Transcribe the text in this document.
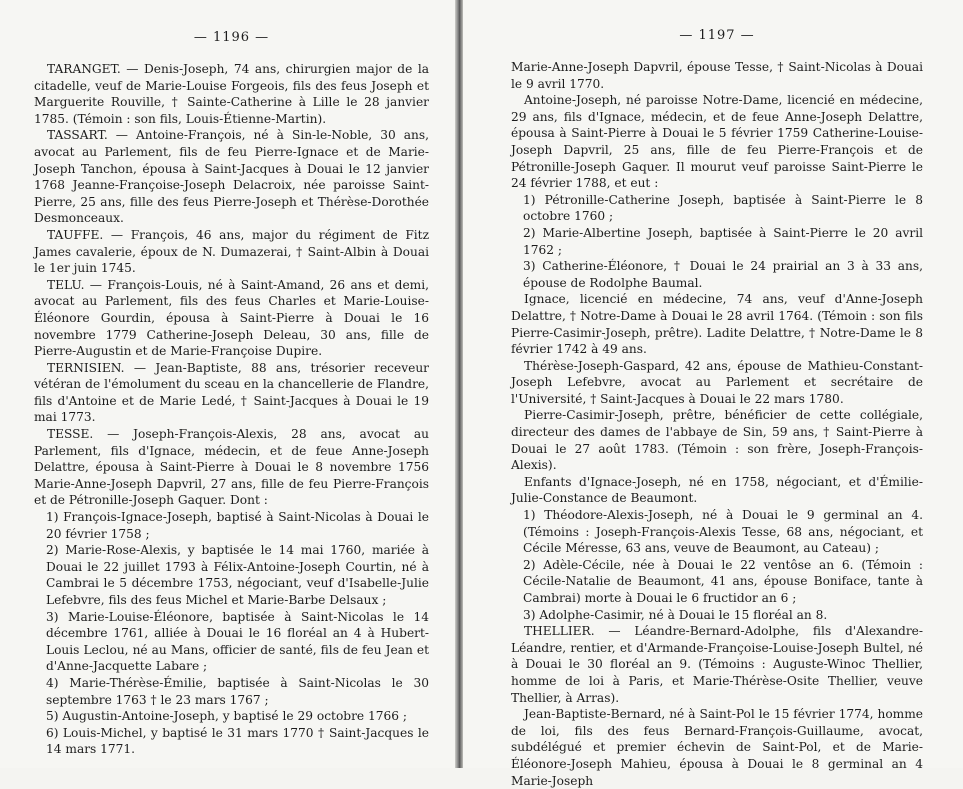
— 1196 —

TARANGET. — Denis-Joseph, 74 ans, chirurgien major de la citadelle, veuf de Marie-Louise Forgeois, fils des feus Joseph et Marguerite Rouville, † Sainte-Catherine à Lille le 28 janvier 1785. (Témoin : son fils, Louis-Étienne-Martin).

TASSART. — Antoine-François, né à Sin-le-Noble, 30 ans, avocat au Parlement, fils de feu Pierre-Ignace et de Marie-Joseph Tanchon, épousa à Saint-Jacques à Douai le 12 janvier 1768 Jeanne-Françoise-Joseph Delacroix, née paroisse Saint-Pierre, 25 ans, fille des feus Pierre-Joseph et Thérèse-Dorothée Desmonceaux.

TAUFFE. — François, 46 ans, major du régiment de Fitz James cavalerie, époux de N. Dumazerai, † Saint-Albin à Douai le 1er juin 1745.

TELU. — François-Louis, né à Saint-Amand, 26 ans et demi, avocat au Parlement, fils des feus Charles et Marie-Louise-Éléonore Gourdin, épousa à Saint-Pierre à Douai le 16 novembre 1779 Catherine-Joseph Deleau, 30 ans, fille de Pierre-Augustin et de Marie-Françoise Dupire.

TERNISIEN. — Jean-Baptiste, 88 ans, trésorier receveur vétéran de l'émolument du sceau en la chancellerie de Flandre, fils d'Antoine et de Marie Ledé, † Saint-Jacques à Douai le 19 mai 1773.

TESSE. — Joseph-François-Alexis, 28 ans, avocat au Parlement, fils d'Ignace, médecin, et de feue Anne-Joseph Delattre, épousa à Saint-Pierre à Douai le 8 novembre 1756 Marie-Anne-Joseph Dapvril, 27 ans, fille de feu Pierre-François et de Pétronille-Joseph Gaquer. Dont :

1) François-Ignace-Joseph, baptisé à Saint-Nicolas à Douai le 20 février 1758 ;

2) Marie-Rose-Alexis, y baptisée le 14 mai 1760, mariée à Douai le 22 juillet 1793 à Félix-Antoine-Joseph Courtin, né à Cambrai le 5 décembre 1753, négociant, veuf d'Isabelle-Julie Lefebvre, fils des feus Michel et Marie-Barbe Delsaux ;

3) Marie-Louise-Éléonore, baptisée à Saint-Nicolas le 14 décembre 1761, alliée à Douai le 16 floréal an 4 à Hubert-Louis Leclou, né au Mans, officier de santé, fils de feu Jean et d'Anne-Jacquette Labare ;

4) Marie-Thérèse-Émilie, baptisée à Saint-Nicolas le 30 septembre 1763 † le 23 mars 1767 ;

5) Augustin-Antoine-Joseph, y baptisé le 29 octobre 1766 ;

6) Louis-Michel, y baptisé le 31 mars 1770 † Saint-Jacques le 14 mars 1771.

— 1197 —

Marie-Anne-Joseph Dapvril, épouse Tesse, † Saint-Nicolas à Douai le 9 avril 1770.

Antoine-Joseph, né paroisse Notre-Dame, licencié en médecine, 29 ans, fils d'Ignace, médecin, et de feue Anne-Joseph Delattre, épousa à Saint-Pierre à Douai le 5 février 1759 Catherine-Louise-Joseph Dapvril, 25 ans, fille de feu Pierre-François et de Pétronille-Joseph Gaquer. Il mourut veuf paroisse Saint-Pierre le 24 février 1788, et eut :

1) Pétronille-Catherine Joseph, baptisée à Saint-Pierre le 8 octobre 1760 ;

2) Marie-Albertine Joseph, baptisée à Saint-Pierre le 20 avril 1762 ;

3) Catherine-Éléonore, † Douai le 24 prairial an 3 à 33 ans, épouse de Rodolphe Baumal.

Ignace, licencié en médecine, 74 ans, veuf d'Anne-Joseph Delattre, † Notre-Dame à Douai le 28 avril 1764. (Témoin : son fils Pierre-Casimir-Joseph, prêtre). Ladite Delattre, † Notre-Dame le 8 février 1742 à 49 ans.

Thérèse-Joseph-Gaspard, 42 ans, épouse de Mathieu-Constant-Joseph Lefebvre, avocat au Parlement et secrétaire de l'Université, † Saint-Jacques à Douai le 22 mars 1780.

Pierre-Casimir-Joseph, prêtre, bénéficier de cette collégiale, directeur des dames de l'abbaye de Sin, 59 ans, † Saint-Pierre à Douai le 27 août 1783. (Témoin : son frère, Joseph-François-Alexis).

Enfants d'Ignace-Joseph, né en 1758, négociant, et d'Émilie-Julie-Constance de Beaumont.

1) Théodore-Alexis-Joseph, né à Douai le 9 germinal an 4. (Témoins : Joseph-François-Alexis Tesse, 68 ans, négociant, et Cécile Méresse, 63 ans, veuve de Beaumont, au Cateau) ;

2) Adèle-Cécile, née à Douai le 22 ventôse an 6. (Témoin : Cécile-Natalie de Beaumont, 41 ans, épouse Boniface, tante à Cambrai) morte à Douai le 6 fructidor an 6 ;

3) Adolphe-Casimir, né à Douai le 15 floréal an 8.

THELLIER. — Léandre-Bernard-Adolphe, fils d'Alexandre-Léandre, rentier, et d'Armande-Françoise-Louise-Joseph Bultel, né à Douai le 30 floréal an 9. (Témoins : Auguste-Winoc Thellier, homme de loi à Paris, et Marie-Thérèse-Osite Thellier, veuve Thellier, à Arras).

Jean-Baptiste-Bernard, né à Saint-Pol le 15 février 1774, homme de loi, fils des feus Bernard-François-Guillaume, avocat, subdélégué et premier échevin de Saint-Pol, et de Marie-Éléonore-Joseph Mahieu, épousa à Douai le 8 germinal an 4 Marie-Joseph
